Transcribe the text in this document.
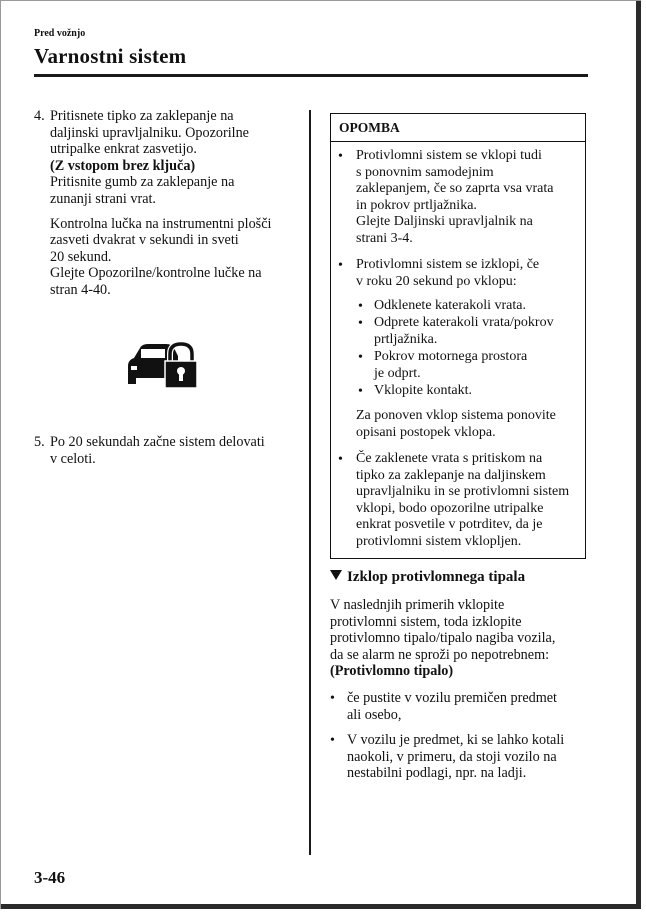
Pred vožnjo
Varnostni sistem
4. Pritisnete tipko za zaklepanje na
daljinski upravljalniku. Opozorilne
utripalke enkrat zasvetijo.
(Z vstopom brez ključa)
Pritisnite gumb za zaklepanje na
zunanji strani vrat.
Kontrolna lučka na instrumentni plošči
zasveti dvakrat v sekundi in sveti
20 sekund.
Glejte Opozorilne/kontrolne lučke na
stran 4-40.
5. Po 20 sekundah začne sistem delovati
v celoti.
OPOMBA
• Protivlomni sistem se vklopi tudi
s ponovnim samodejnim
zaklepanjem, če so zaprta vsa vrata
in pokrov prtljažnika.
Glejte Daljinski upravljalnik na
strani 3-4.
• Protivlomni sistem se izklopi, če
v roku 20 sekund po vklopu:
• Odklenete katerakoli vrata.
• Odprete katerakoli vrata/pokrov
prtljažnika.
• Pokrov motornega prostora
je odprt.
• Vklopite kontakt.
Za ponoven vklop sistema ponovite
opisani postopek vklopa.
• Če zaklenete vrata s pritiskom na
tipko za zaklepanje na daljinskem
upravljalniku in se protivlomni sistem
vklopi, bodo opozorilne utripalke
enkrat posvetile v potrditev, da je
protivlomni sistem vklopljen.
Izklop protivlomnega tipala
V naslednjih primerih vklopite
protivlomni sistem, toda izklopite
protivlomno tipalo/tipalo nagiba vozila,
da se alarm ne sproži po nepotrebnem:
(Protivlomno tipalo)
• če pustite v vozilu premičen predmet
ali osebo,
• V vozilu je predmet, ki se lahko kotali
naokoli, v primeru, da stoji vozilo na
nestabilni podlagi, npr. na ladji.
3-46
